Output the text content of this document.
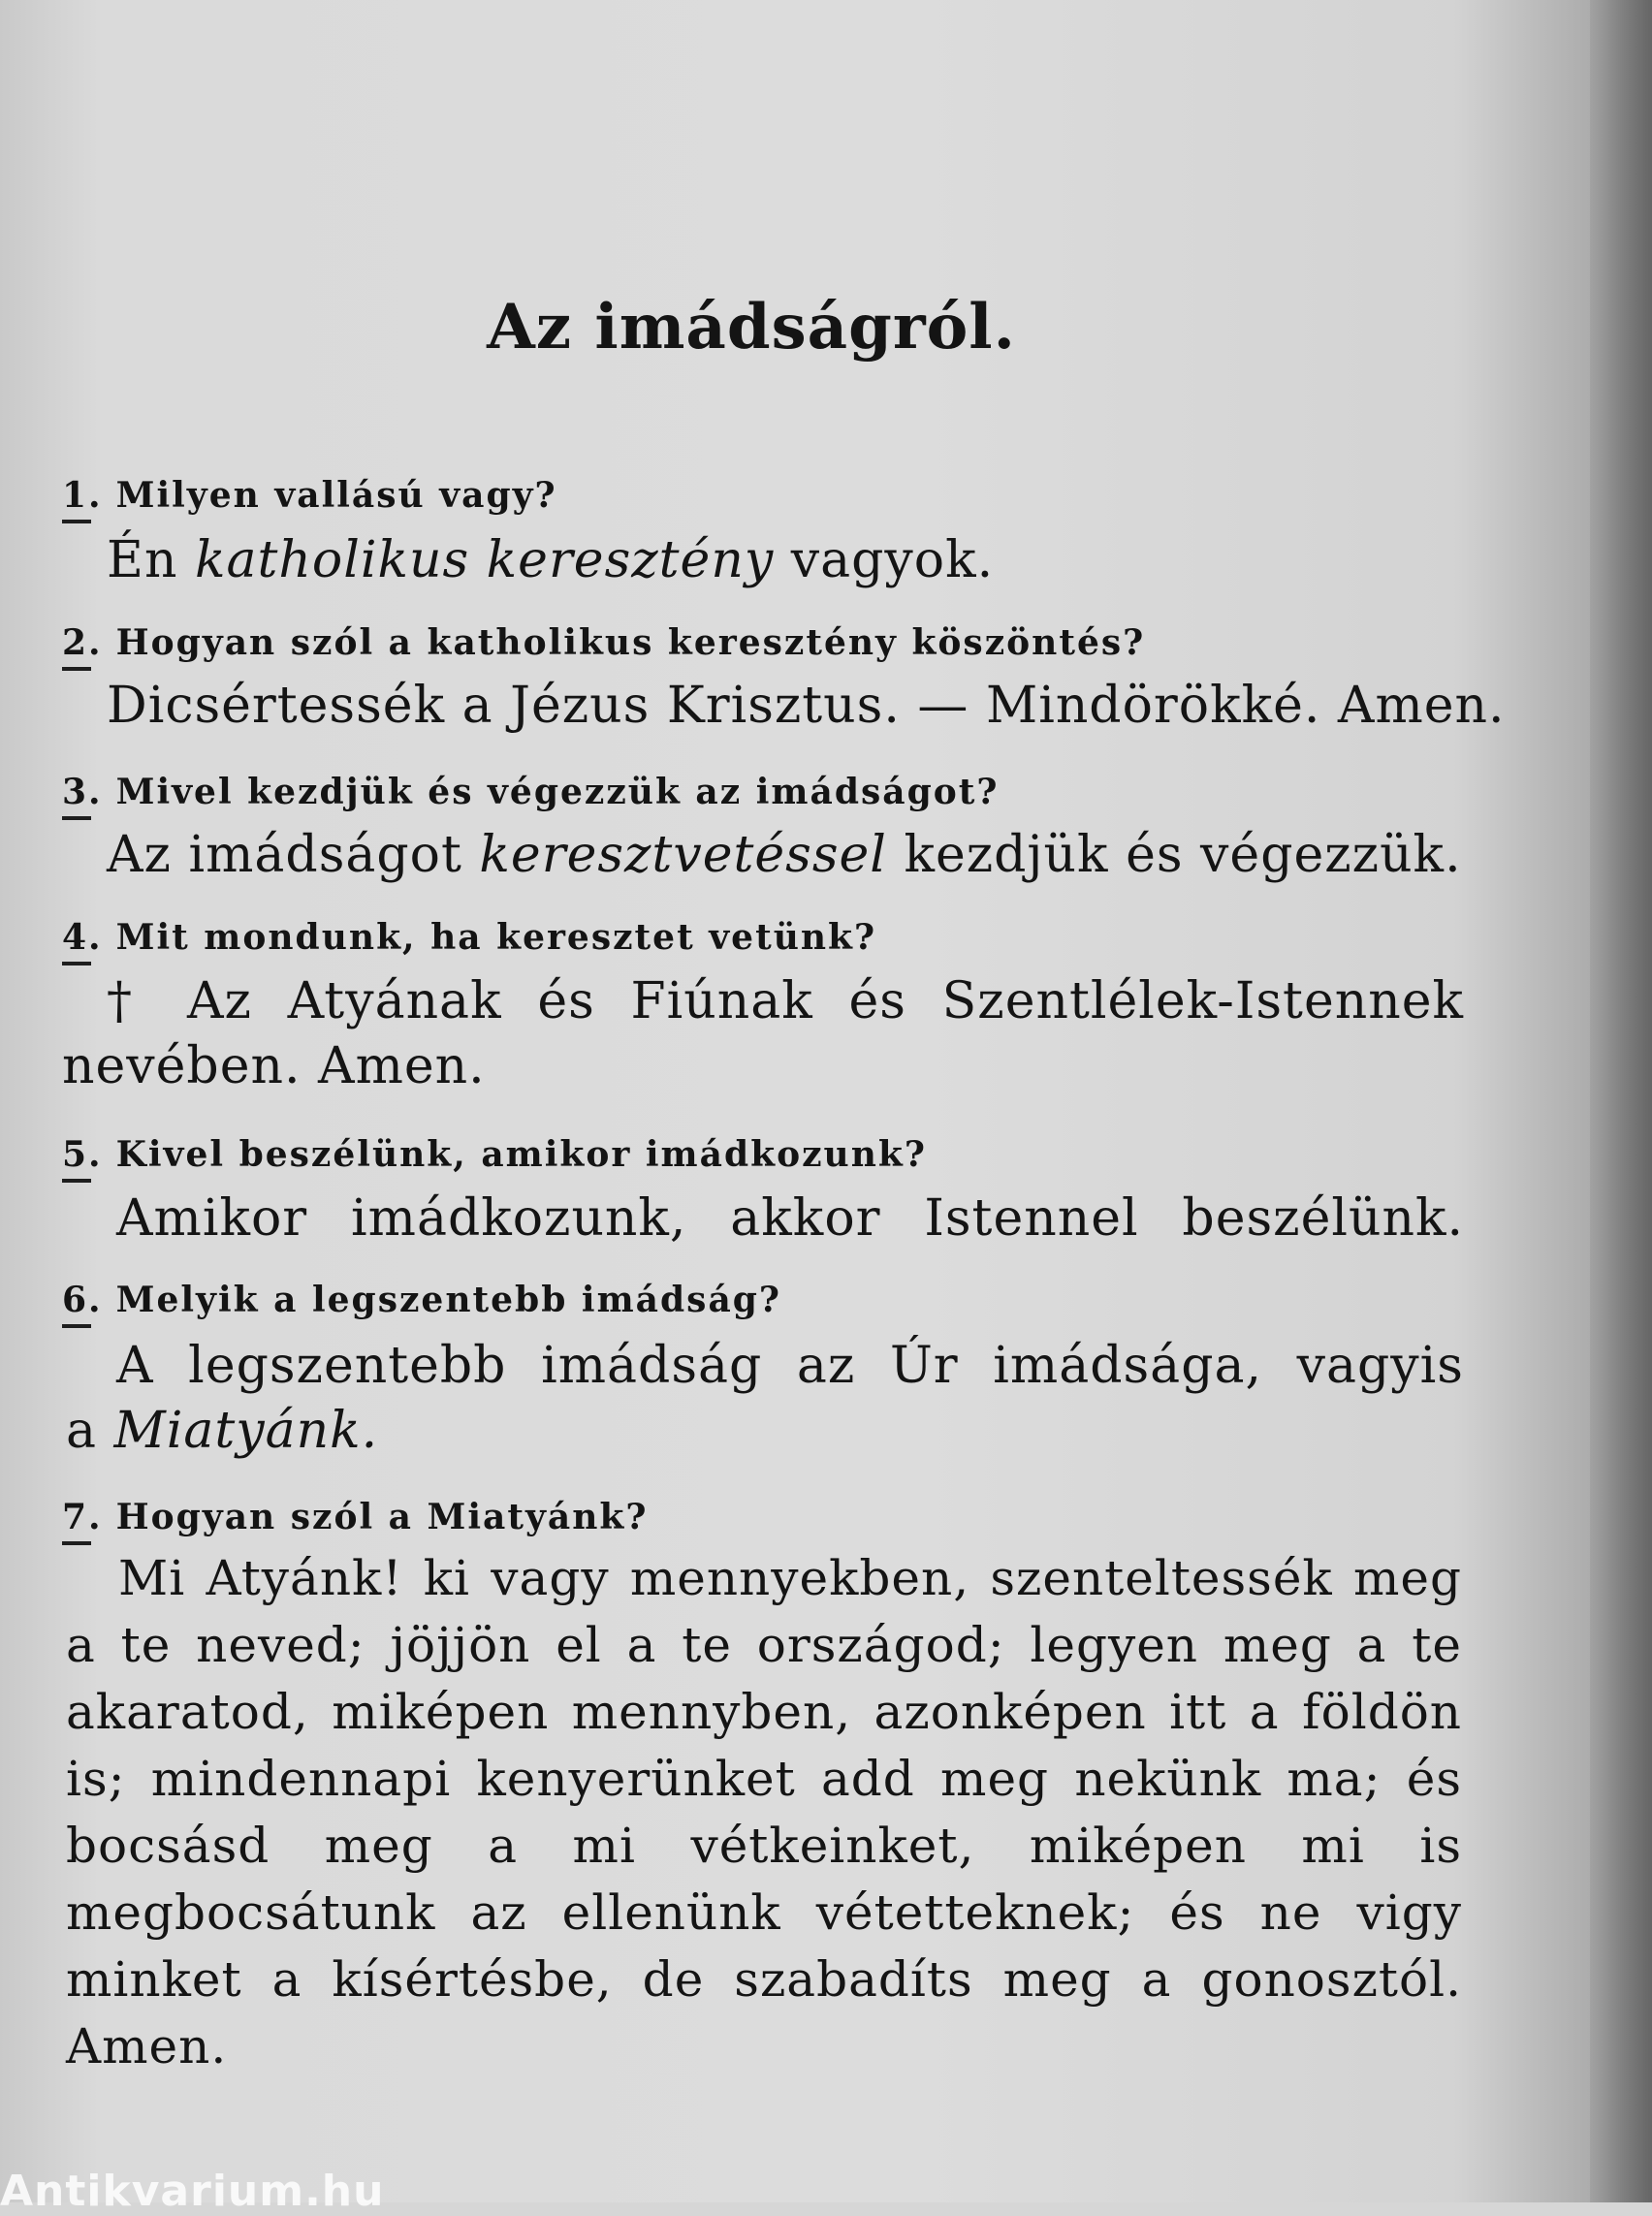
Az imádságról.
1. Milyen vallású vagy?
Én katholikus keresztény vagyok.
2. Hogyan szól a katholikus keresztény köszöntés?
Dicsértessék a Jézus Krisztus. — Mindörökké. Amen.
3. Mivel kezdjük és végezzük az imádságot?
Az imádságot keresztvetéssel kezdjük és végezzük.
4. Mit mondunk, ha keresztet vetünk?
† Az Atyának és Fiúnak és Szentlélek-Istennek
nevében. Amen.
5. Kivel beszélünk, amikor imádkozunk?
Amikor imádkozunk, akkor Istennel beszélünk.
6. Melyik a legszentebb imádság?
A legszentebb imádság az Úr imádsága, vagyis
a Miatyánk.
7. Hogyan szól a Miatyánk?
Mi Atyánk! ki vagy mennyekben, szenteltessék meg a te neved; jöjjön el a te országod; legyen meg a te akaratod, miképen mennyben, azonképen itt a földön is; mindennapi kenyerünket add meg nekünk ma; és bocsásd meg a mi vétkeinket, miképen mi is megbocsátunk az ellenünk vétetteknek; és ne vigy minket a kísértésbe, de szabadíts meg a gonosztól. Amen.
Antikvarium.hu
